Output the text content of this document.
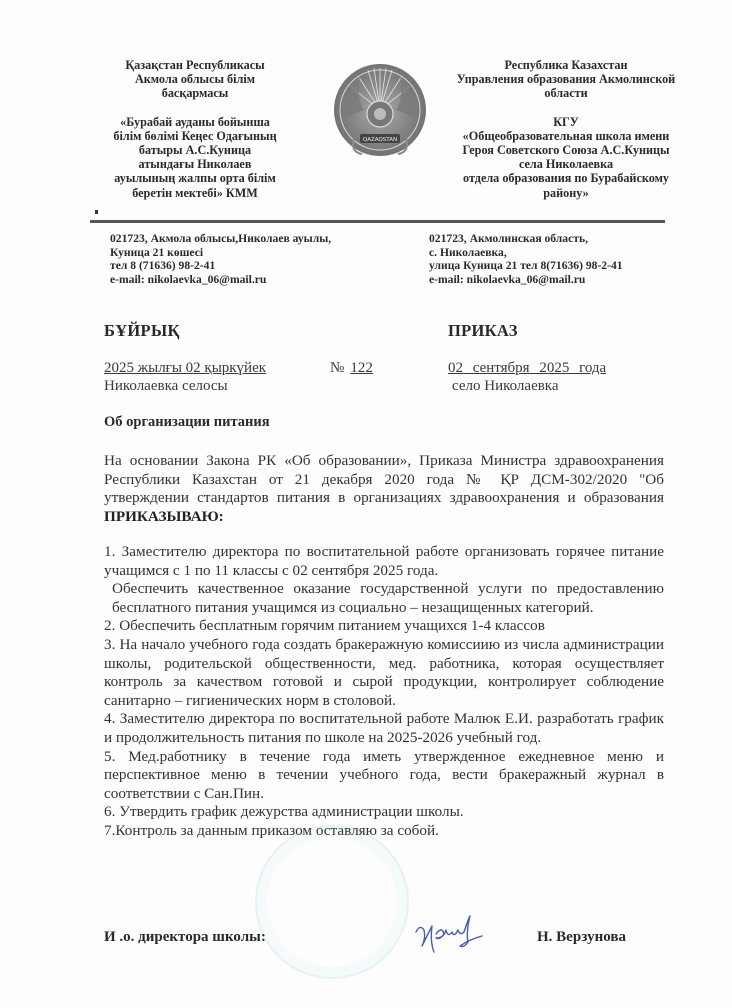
Қазақстан Республикасы
Акмола облысы білім
басқармасы
«Бурабай ауданы бойынша
білім бөлімі Кеңес Одағының
батыры А.С.Куница
атындағы Николаев
ауылының жалпы орта білім
беретін мектебі» КММ
QAZAQSTAN
Республика Казахстан
Управления образования Акмолинской
области
КГУ
«Общеобразовательная школа имени
Героя Советского Союза А.С.Куницы
села Николаевка
отдела образования по Бурабайскому
району»
021723, Акмола облысы,Николаев ауылы,
Куница 21 көшесі
тел 8 (71636) 98-2-41
e-mail: nikolaevka_06@mail.ru
021723, Акмолинская область,
с. Николаевка,
улица Куница 21 тел 8(71636) 98-2-41
e-mail: nikolaevka_06@mail.ru
БҰЙРЫҚ	ПРИКАЗ
2025 жылғы 02 қыркүйек
Николаевка селосы
№ 122	02 сентября 2025 года
село Николаевка
Об организации питания
На основании Закона РК «Об образовании», Приказа Министра здравоохранения Республики Казахстан от 21 декабря 2020 года № ҚР ДСМ-302/2020 "Об утверждении стандартов питания в организациях здравоохранения и образования ПРИКАЗЫВАЮ:

1. Заместителю директора по воспитательной работе организовать горячее питание учащимся с 1 по 11 классы с 02 сентября 2025 года.

Обеспечить качественное оказание государственной услуги по предоставлению бесплатного питания учащимся из социально – незащищенных категорий.

2. Обеспечить бесплатным горячим питанием учащихся 1-4 классов

3. На начало учебного года создать бракеражную комиссиию из числа администрации школы, родительской общественности, мед. работника, которая осуществляет контроль за качеством готовой и сырой продукции, контролирует соблюдение санитарно – гигиенических норм в столовой.

4. Заместителю директора по воспитательной работе Малюк Е.И. разработать график и продолжительность питания по школе на 2025-2026 учебный год.

5. Мед.работнику в течение года иметь утвержденное ежедневное меню и перспективное меню в течении учебного года, вести бракеражный журнал в соответствии с Сан.Пин.

6. Утвердить график дежурства администрации школы.

7.Контроль за данным приказом оставляю за собой.

И .о. директора школы:	Н. Верзунова
